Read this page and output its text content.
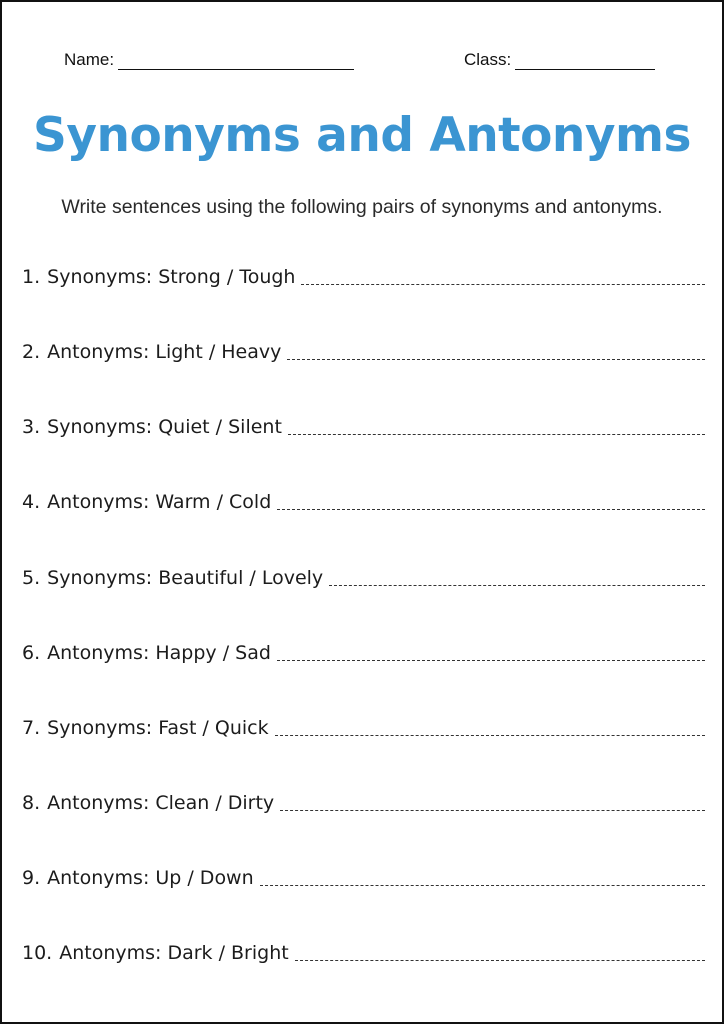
Name:	Class:
Synonyms and Antonyms
Write sentences using the following pairs of synonyms and antonyms.
1. Synonyms: Strong / Tough
2. Antonyms: Light / Heavy
3. Synonyms: Quiet / Silent
4. Antonyms: Warm / Cold
5. Synonyms: Beautiful / Lovely
6. Antonyms: Happy / Sad
7. Synonyms: Fast / Quick
8. Antonyms: Clean / Dirty
9. Antonyms: Up / Down
10. Antonyms: Dark / Bright
